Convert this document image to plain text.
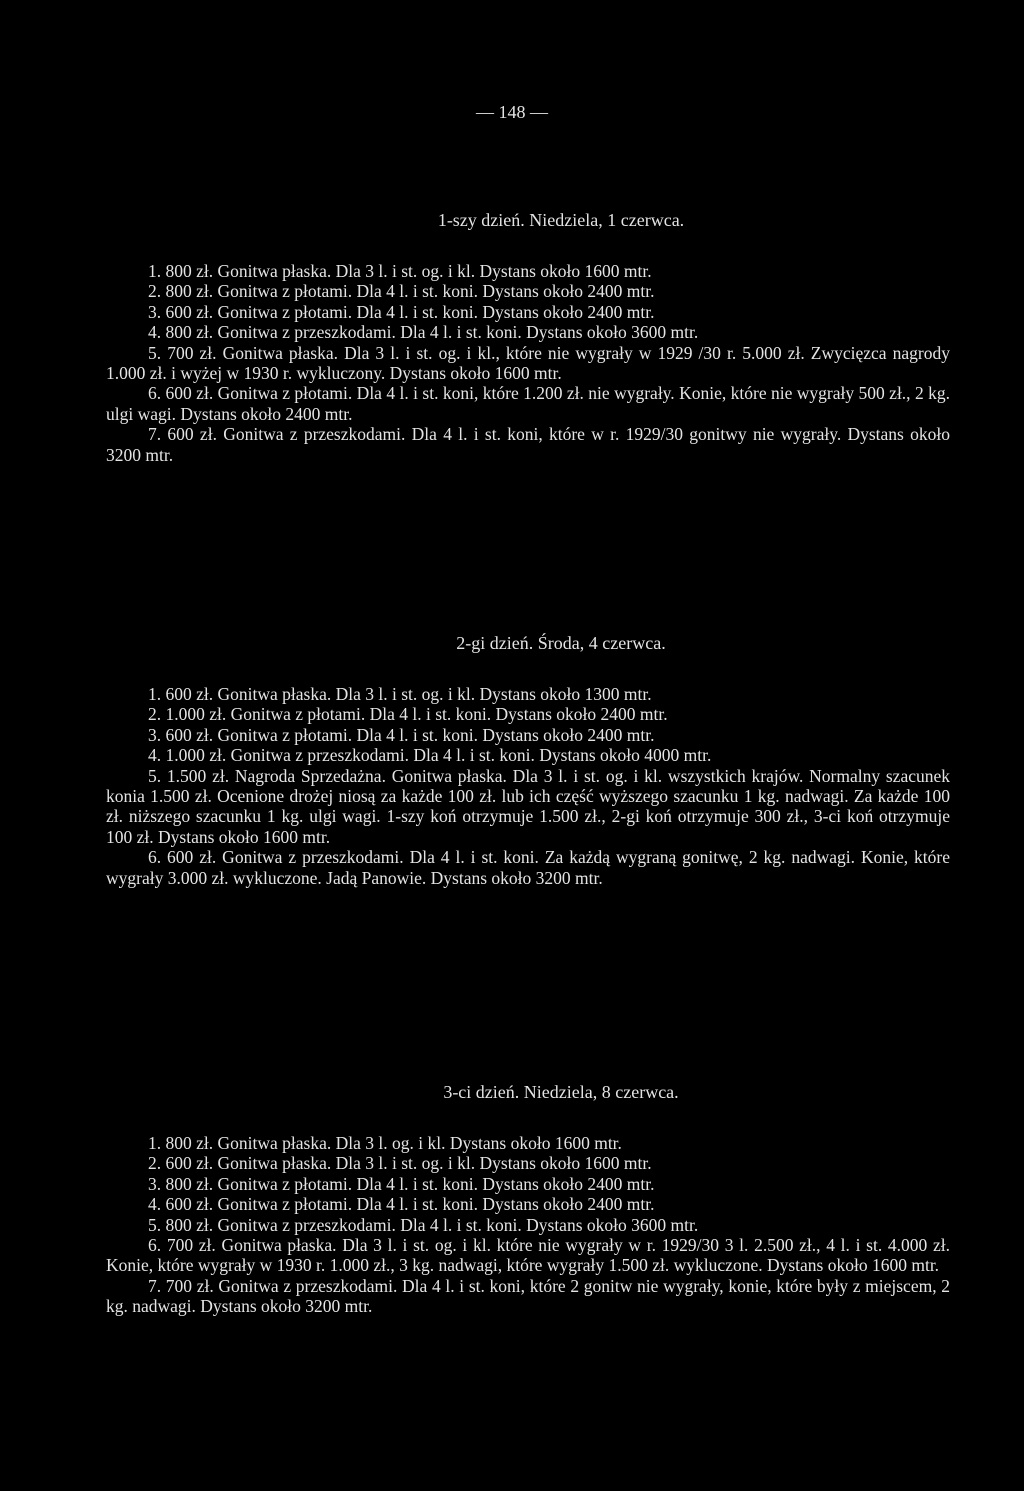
— 148 —
1-szy dzień. Niedziela, 1 czerwca.

1. 800 zł. Gonitwa płaska. Dla 3 l. i st. og. i kl. Dystans około 1600 mtr.

2. 800 zł. Gonitwa z płotami. Dla 4 l. i st. koni. Dystans około 2400 mtr.

3. 600 zł. Gonitwa z płotami. Dla 4 l. i st. koni. Dystans około 2400 mtr.

4. 800 zł. Gonitwa z przeszkodami. Dla 4 l. i st. koni. Dystans około 3600 mtr.

5. 700 zł. Gonitwa płaska. Dla 3 l. i st. og. i kl., które nie wygrały w 1929 /30 r. 5.000 zł. Zwycięzca nagrody 1.000 zł. i wyżej w 1930 r. wykluczony. Dystans około 1600 mtr.

6. 600 zł. Gonitwa z płotami. Dla 4 l. i st. koni, które 1.200 zł. nie wygrały. Konie, które nie wygrały 500 zł., 2 kg. ulgi wagi. Dystans około 2400 mtr.

7. 600 zł. Gonitwa z przeszkodami. Dla 4 l. i st. koni, które w r. 1929/30 gonitwy nie wygrały. Dystans około 3200 mtr.

2-gi dzień. Środa, 4 czerwca.

1. 600 zł. Gonitwa płaska. Dla 3 l. i st. og. i kl. Dystans około 1300 mtr.

2. 1.000 zł. Gonitwa z płotami. Dla 4 l. i st. koni. Dystans około 2400 mtr.

3. 600 zł. Gonitwa z płotami. Dla 4 l. i st. koni. Dystans około 2400 mtr.

4. 1.000 zł. Gonitwa z przeszkodami. Dla 4 l. i st. koni. Dystans około 4000 mtr.

5. 1.500 zł. Nagroda Sprzedażna. Gonitwa płaska. Dla 3 l. i st. og. i kl. wszystkich krajów. Normalny szacunek konia 1.500 zł. Ocenione drożej niosą za każde 100 zł. lub ich część wyższego szacunku 1 kg. nadwagi. Za każde 100 zł. niższego szacunku 1 kg. ulgi wagi. 1-szy koń otrzymuje 1.500 zł., 2-gi koń otrzymuje 300 zł., 3-ci koń otrzymuje 100 zł. Dystans około 1600 mtr.

6. 600 zł. Gonitwa z przeszkodami. Dla 4 l. i st. koni. Za każdą wygraną gonitwę, 2 kg. nadwagi. Konie, które wygrały 3.000 zł. wykluczone. Jadą Panowie. Dystans około 3200 mtr.

3-ci dzień. Niedziela, 8 czerwca.

1. 800 zł. Gonitwa płaska. Dla 3 l. og. i kl. Dystans około 1600 mtr.

2. 600 zł. Gonitwa płaska. Dla 3 l. i st. og. i kl. Dystans około 1600 mtr.

3. 800 zł. Gonitwa z płotami. Dla 4 l. i st. koni. Dystans około 2400 mtr.

4. 600 zł. Gonitwa z płotami. Dla 4 l. i st. koni. Dystans około 2400 mtr.

5. 800 zł. Gonitwa z przeszkodami. Dla 4 l. i st. koni. Dystans około 3600 mtr.

6. 700 zł. Gonitwa płaska. Dla 3 l. i st. og. i kl. które nie wygrały w r. 1929/30 3 l. 2.500 zł., 4 l. i st. 4.000 zł. Konie, które wygrały w 1930 r. 1.000 zł., 3 kg. nadwagi, które wygrały 1.500 zł. wykluczone. Dystans około 1600 mtr.

7. 700 zł. Gonitwa z przeszkodami. Dla 4 l. i st. koni, które 2 gonitw nie wygrały, konie, które były z miejscem, 2 kg. nadwagi. Dystans około 3200 mtr.
